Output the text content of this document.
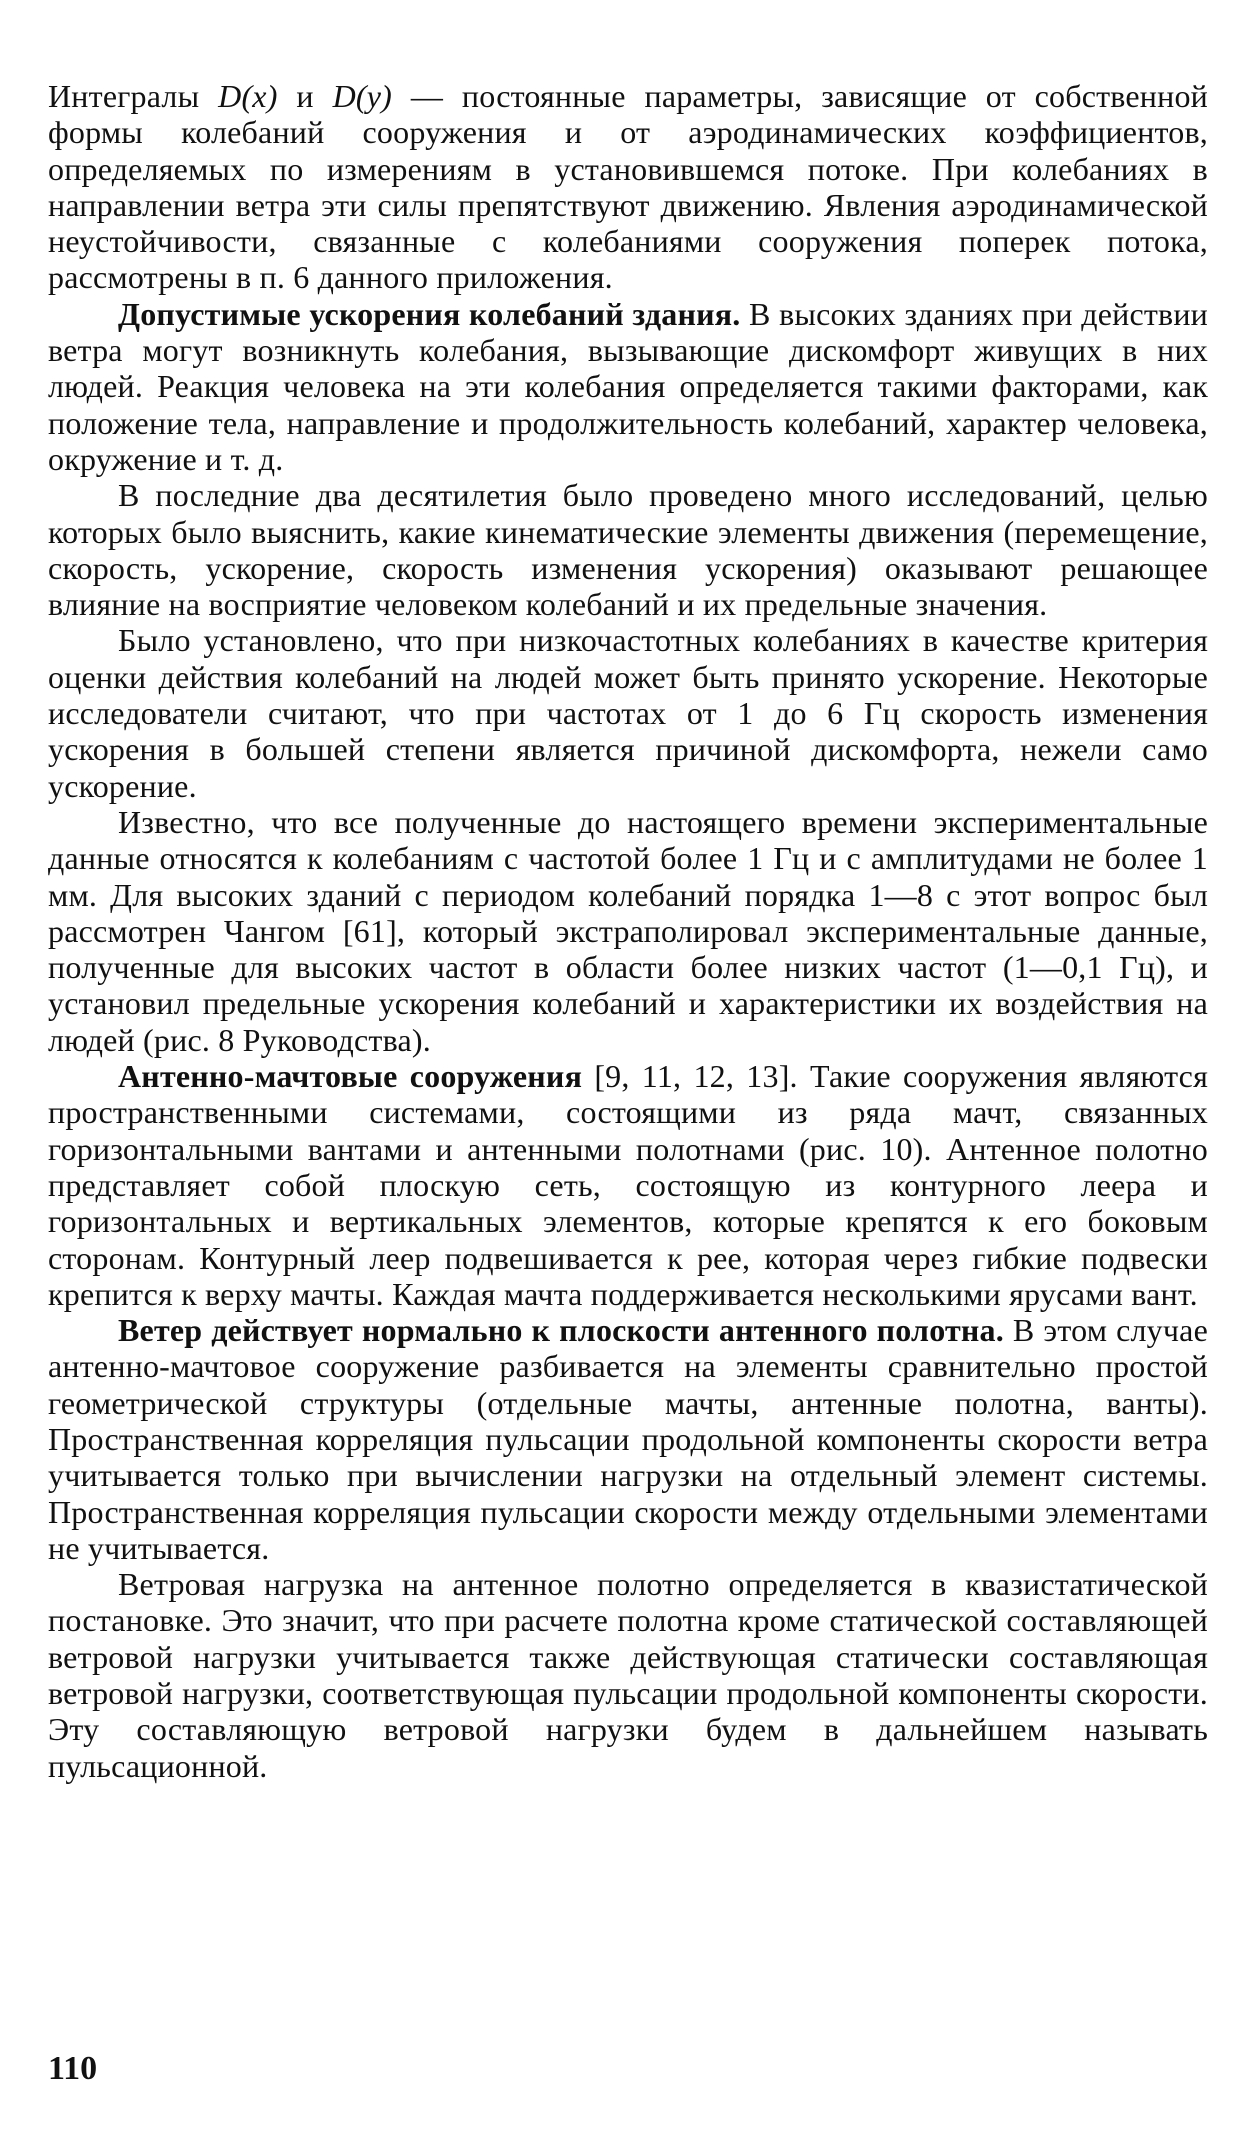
Интегралы D(x) и D(y) — постоянные параметры, зависящие от собственной формы колебаний сооружения и от аэродинамических коэффициентов, определяемых по измерениям в установившемся потоке. При колебаниях в направлении ветра эти силы препятствуют движению. Явления аэродинамической неустойчивости, связанные с колебаниями сооружения поперек потока, рассмотрены в п. 6 данного приложения.

Допустимые ускорения колебаний здания. В высоких зданиях при действии ветра могут возникнуть колебания, вызывающие дискомфорт живущих в них людей. Реакция человека на эти колебания определяется такими факторами, как положение тела, направление и продолжительность колебаний, характер человека, окружение и т. д.

В последние два десятилетия было проведено много исследований, целью которых было выяснить, какие кинематические элементы движения (перемещение, скорость, ускорение, скорость изменения ускорения) оказывают решающее влияние на восприятие человеком колебаний и их предельные значения.

Было установлено, что при низкочастотных колебаниях в качестве критерия оценки действия колебаний на людей может быть принято ускорение. Некоторые исследователи считают, что при частотах от 1 до 6 Гц скорость изменения ускорения в большей степени является причиной дискомфорта, нежели само ускорение.

Известно, что все полученные до настоящего времени экспериментальные данные относятся к колебаниям с частотой более 1 Гц и с амплитудами не более 1 мм. Для высоких зданий с периодом колебаний порядка 1—8 с этот вопрос был рассмотрен Чангом [61], который экстраполировал экспериментальные данные, полученные для высоких частот в области более низких частот (1—0,1 Гц), и установил предельные ускорения колебаний и характеристики их воздействия на людей (рис. 8 Руководства).

Антенно-мачтовые сооружения [9, 11, 12, 13]. Такие сооружения являются пространственными системами, состоящими из ряда мачт, связанных горизонтальными вантами и антенными полотнами (рис. 10). Антенное полотно представляет собой плоскую сеть, состоящую из контурного леера и горизонтальных и вертикальных элементов, которые крепятся к его боковым сторонам. Контурный леер подвешивается к рее, которая через гибкие подвески крепится к верху мачты. Каждая мачта поддерживается несколькими ярусами вант.

Ветер действует нормально к плоскости антенного полотна. В этом случае антенно-мачтовое сооружение разбивается на элементы сравнительно простой геометрической структуры (отдельные мачты, антенные полотна, ванты). Пространственная корреляция пульсации продольной компоненты скорости ветра учитывается только при вычислении нагрузки на отдельный элемент системы. Пространственная корреляция пульсации скорости между отдельными элементами не учитывается.

Ветровая нагрузка на антенное полотно определяется в квазистатической постановке. Это значит, что при расчете полотна кроме статической составляющей ветровой нагрузки учитывается также действующая статически составляющая ветровой нагрузки, соответствующая пульсации продольной компоненты скорости. Эту составляющую ветровой нагрузки будем в дальнейшем называть пульсационной.

110
